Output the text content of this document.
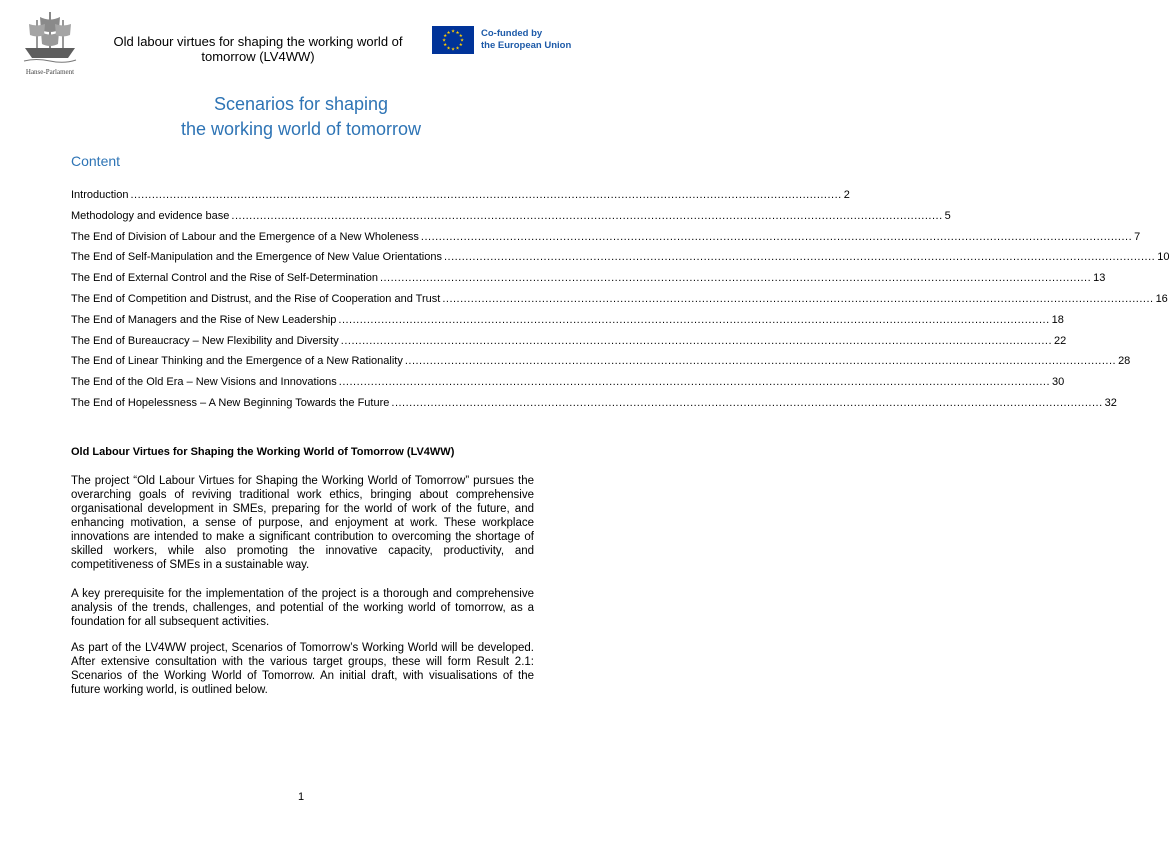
Hanse-Parlament
Old labour virtues for shaping the working world of tomorrow (LV4WW)
★ ★
★
★
★
★
★
★
★
★
★
★	Co-funded by
the European Union
Scenarios for shaping
the working world of tomorrow
Content
Introduction ........................................................................................................................................................................................................ 2
Methodology and evidence base ........................................................................................................................................................................................................ 5
The End of Division of Labour and the Emergence of a New Wholeness ........................................................................................................................................................................................................ 7
The End of Self-Manipulation and the Emergence of New Value Orientations ........................................................................................................................................................................................................ 10
The End of External Control and the Rise of Self-Determination ........................................................................................................................................................................................................ 13
The End of Competition and Distrust, and the Rise of Cooperation and Trust ........................................................................................................................................................................................................ 16
The End of Managers and the Rise of New Leadership ........................................................................................................................................................................................................ 18
The End of Bureaucracy – New Flexibility and Diversity ........................................................................................................................................................................................................ 22
The End of Linear Thinking and the Emergence of a New Rationality ........................................................................................................................................................................................................ 28
The End of the Old Era – New Visions and Innovations ........................................................................................................................................................................................................ 30
The End of Hopelessness – A New Beginning Towards the Future ........................................................................................................................................................................................................ 32
Old Labour Virtues for Shaping the Working World of Tomorrow (LV4WW)

The project “Old Labour Virtues for Shaping the Working World of Tomorrow” pursues the overarching goals of reviving traditional work ethics, bringing about comprehensive organisational development in SMEs, preparing for the world of work of the future, and enhancing motivation, a sense of purpose, and enjoyment at work. These workplace innovations are intended to make a significant contribution to overcoming the shortage of skilled workers, while also promoting the innovative capacity, productivity, and competitiveness of SMEs in a sustainable way.

A key prerequisite for the implementation of the project is a thorough and comprehensive analysis of the trends, challenges, and potential of the working world of tomorrow, as a foundation for all subsequent activities.

As part of the LV4WW project, Scenarios of Tomorrow’s Working World will be developed. After extensive consultation with the various target groups, these will form Result 2.1: Scenarios of the Working World of Tomorrow. An initial draft, with visualisations of the future working world, is outlined below.

1
